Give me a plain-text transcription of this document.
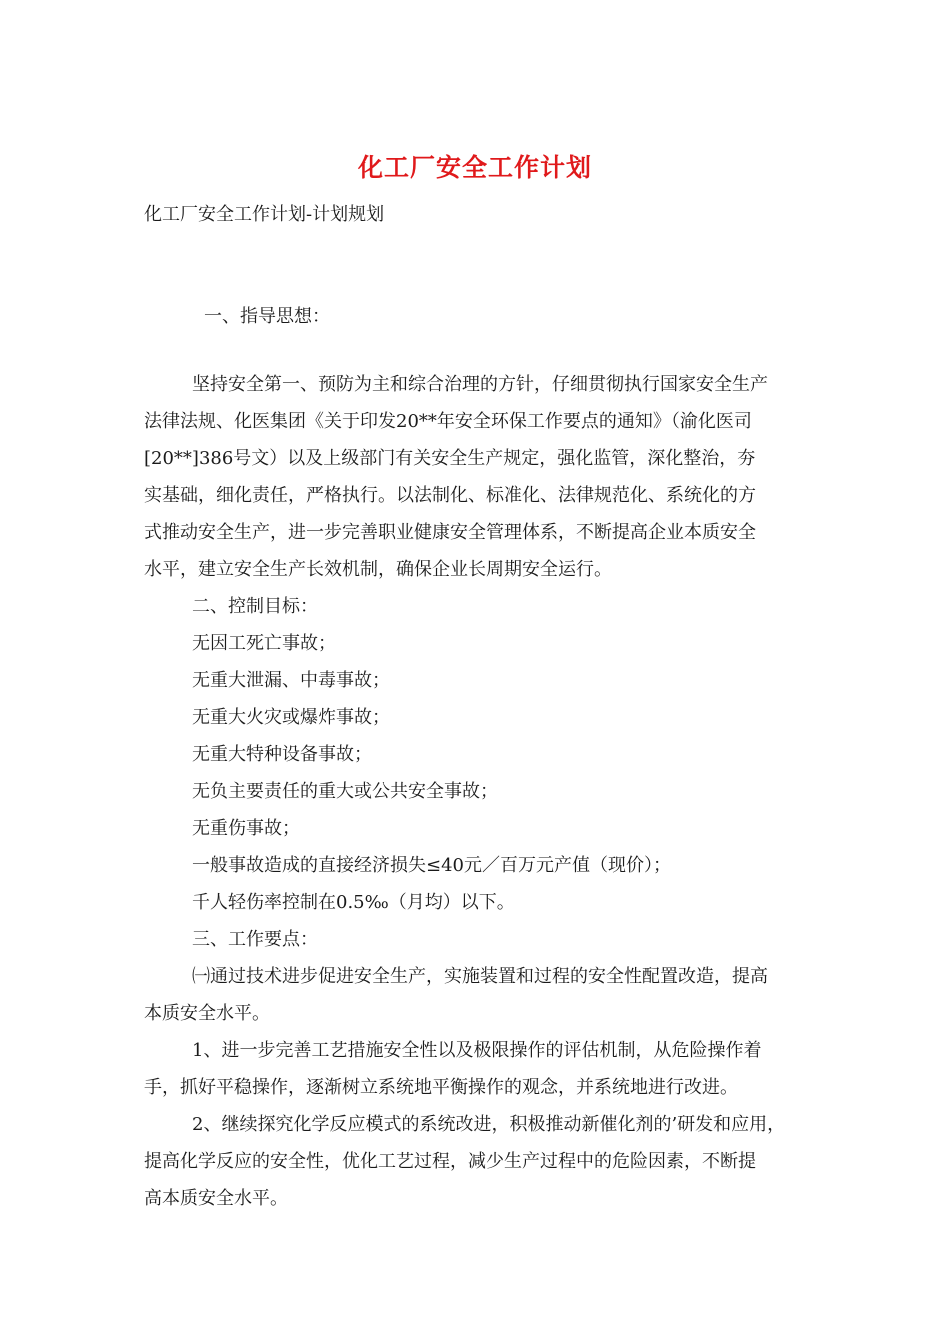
化工厂安全工作计划

化工厂安全工作计划-计划规划

一、指导思想：

坚持安全第一、预防为主和综合治理的方针，仔细贯彻执行国家安全生产

法律法规、化医集团《关于印发20**年安全环保工作要点的通知》（渝化医司

[20**]386号文）以及上级部门有关安全生产规定，强化监管，深化整治，夯

实基础，细化责任，严格执行。以法制化、标准化、法律规范化、系统化的方

式推动安全生产，进一步完善职业健康安全管理体系，不断提高企业本质安全

水平，建立安全生产长效机制，确保企业长周期安全运行。

二、控制目标：

无因工死亡事故；

无重大泄漏、中毒事故；

无重大火灾或爆炸事故；

无重大特种设备事故；

无负主要责任的重大或公共安全事故；

无重伤事故；

一般事故造成的直接经济损失≤40元／百万元产值（现价）；

千人轻伤率控制在0.5‰（月均）以下。

三、工作要点：

㈠通过技术进步促进安全生产，实施装置和过程的安全性配置改造，提高

本质安全水平。

1、进一步完善工艺措施安全性以及极限操作的评估机制，从危险操作着

手，抓好平稳操作，逐渐树立系统地平衡操作的观念，并系统地进行改进。

2、继续探究化学反应模式的系统改进，积极推动新催化剂的’研发和应用，

提高化学反应的安全性，优化工艺过程，减少生产过程中的危险因素，不断提

高本质安全水平。
